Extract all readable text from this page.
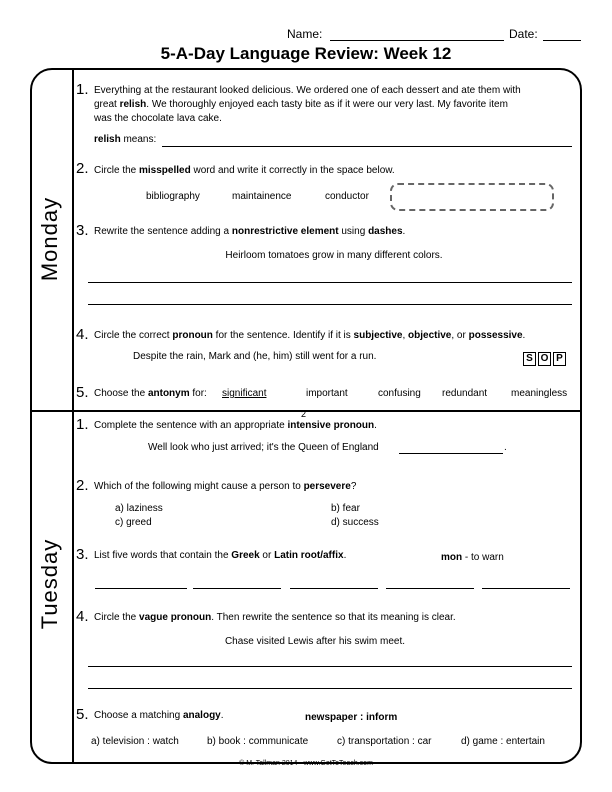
Name:	Date:
5-A-Day Language Review: Week 12
Monday
Tuesday
1. Everything at the restaurant looked delicious. We ordered one of each dessert and ate them with
great relish. We thoroughly enjoyed each tasty bite as if it were our very last. My favorite item
was the chocolate lava cake.
relish means:
2. Circle the misspelled word and write it correctly in the space below.
bibliography	maintainence	conductor
3. Rewrite the sentence adding a nonrestrictive element using dashes.
Heirloom tomatoes grow in many different colors.
4. Circle the correct pronoun for the sentence. Identify if it is subjective, objective, or possessive.
Despite the rain, Mark and (he, him) still went for a run.	S O P
5. Choose the antonym for: significant	important	confusing redundant meaningless
2
1. Complete the sentence with an appropriate intensive pronoun.
Well look who just arrived; it's the Queen of England	.
2. Which of the following might cause a person to persevere?
a) laziness	b) fear
c) greed	d) success
3. List five words that contain the Greek or Latin root/affix.	mon - to warn
4. Circle the vague pronoun. Then rewrite the sentence so that its meaning is clear.
Chase visited Lewis after his swim meet.
5. Choose a matching analogy.	newspaper : inform
a) television : watch	b) book : communicate	c) transportation : car	d) game : entertain
© M. Tallman 2014 - www.GetToTeach.com
